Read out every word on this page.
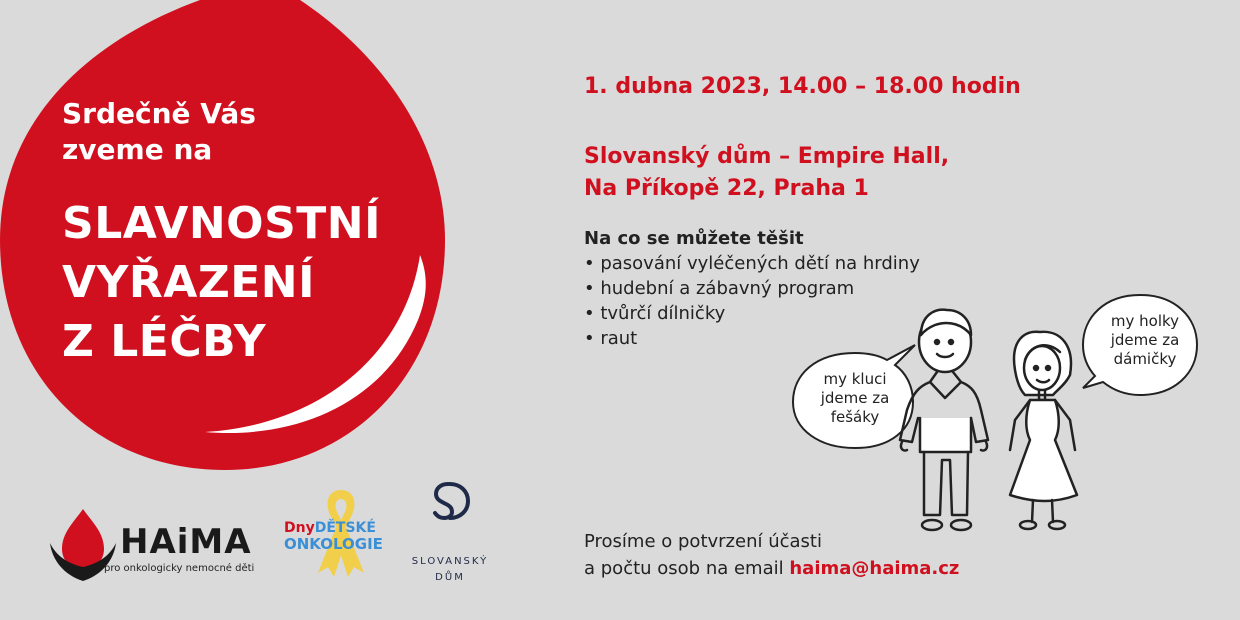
Srdečně Vás
zveme na
SLAVNOSTNÍ
VYŘAZENÍ
Z LÉČBY
1. dubna 2023, 14.00 – 18.00 hodin
Slovanský dům – Empire Hall,
Na Příkopě 22, Praha 1
Na co se můžete těšit
• pasování vyléčených dětí na hrdiny
• hudební a zábavný program
• tvůrčí dílničky
• raut
my kluci
jdeme za
fešáky
my holky
jdeme za
dámičky
Prosíme o potvrzení účasti
a počtu osob na email haima@haima.cz
HAiMA
pro onkologicky nemocné děti
DnyDĚTSKÉ
ONKOLOGIE
SLOVANSKÝ
DŮM
